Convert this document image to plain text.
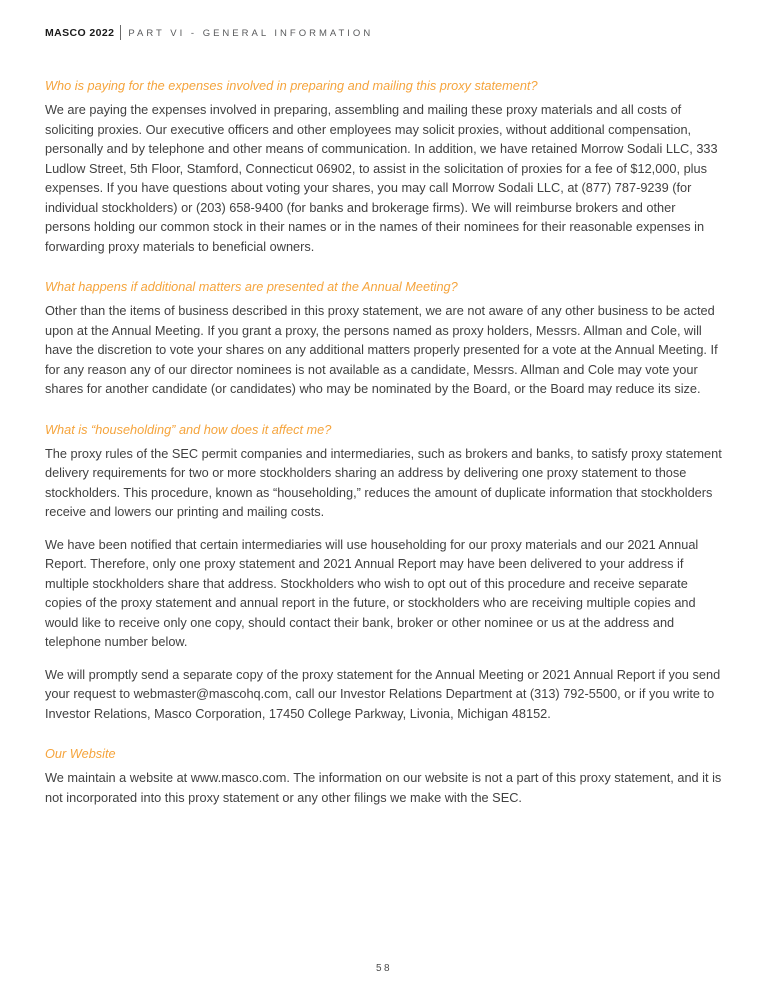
MASCO 2022 PART VI - GENERAL INFORMATION
Who is paying for the expenses involved in preparing and mailing this proxy statement?

We are paying the expenses involved in preparing, assembling and mailing these proxy materials and all costs of soliciting proxies. Our executive officers and other employees may solicit proxies, without additional compensation, personally and by telephone and other means of communication. In addition, we have retained Morrow Sodali LLC, 333 Ludlow Street, 5th Floor, Stamford, Connecticut 06902, to assist in the solicitation of proxies for a fee of $12,000, plus expenses. If you have questions about voting your shares, you may call Morrow Sodali LLC, at (877) 787-9239 (for individual stockholders) or (203) 658-9400 (for banks and brokerage firms). We will reimburse brokers and other persons holding our common stock in their names or in the names of their nominees for their reasonable expenses in forwarding proxy materials to beneficial owners.

What happens if additional matters are presented at the Annual Meeting?

Other than the items of business described in this proxy statement, we are not aware of any other business to be acted upon at the Annual Meeting. If you grant a proxy, the persons named as proxy holders, Messrs. Allman and Cole, will have the discretion to vote your shares on any additional matters properly presented for a vote at the Annual Meeting. If for any reason any of our director nominees is not available as a candidate, Messrs. Allman and Cole may vote your shares for another candidate (or candidates) who may be nominated by the Board, or the Board may reduce its size.

What is “householding” and how does it affect me?

The proxy rules of the SEC permit companies and intermediaries, such as brokers and banks, to satisfy proxy statement delivery requirements for two or more stockholders sharing an address by delivering one proxy statement to those stockholders. This procedure, known as “householding,” reduces the amount of duplicate information that stockholders receive and lowers our printing and mailing costs.

We have been notified that certain intermediaries will use householding for our proxy materials and our 2021 Annual Report. Therefore, only one proxy statement and 2021 Annual Report may have been delivered to your address if multiple stockholders share that address. Stockholders who wish to opt out of this procedure and receive separate copies of the proxy statement and annual report in the future, or stockholders who are receiving multiple copies and would like to receive only one copy, should contact their bank, broker or other nominee or us at the address and telephone number below.

We will promptly send a separate copy of the proxy statement for the Annual Meeting or 2021 Annual Report if you send your request to webmaster@mascohq.com, call our Investor Relations Department at (313) 792-5500, or if you write to Investor Relations, Masco Corporation, 17450 College Parkway, Livonia, Michigan 48152.

Our Website

We maintain a website at www.masco.com. The information on our website is not a part of this proxy statement, and it is not incorporated into this proxy statement or any other filings we make with the SEC.

58
